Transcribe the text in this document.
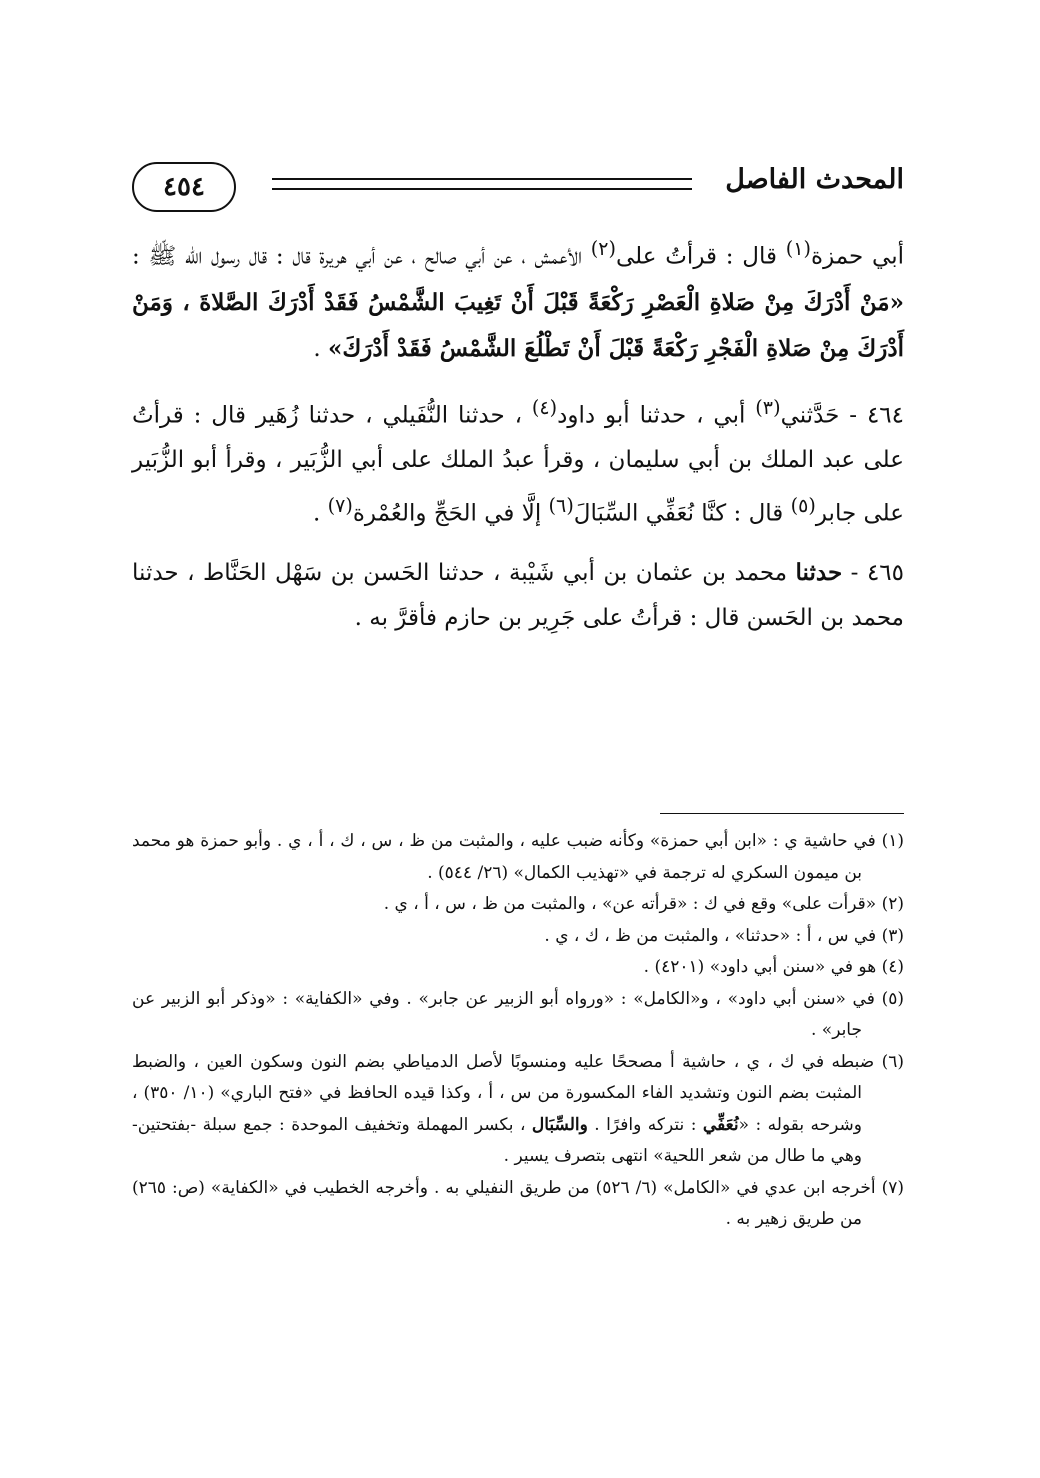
٤٥٤	المحدث الفاصل

أبي حمزة$^{(١)}$ قال : قرأتُ على$^{(٢)}$ الأعمش ، عن أبي صالح ، عن أبي هريرة قال : قال رسول الله ﷺ : «مَنْ أَدْرَكَ مِنْ صَلاةِ الْعَصْرِ رَكْعَةً قَبْلَ أَنْ تَغِيبَ الشَّمْسُ فَقَدْ أَدْرَكَ الصَّلاةَ ، وَمَنْ أَدْرَكَ مِنْ صَلاةِ الْفَجْرِ رَكْعَةً قَبْلَ أَنْ تَطْلُعَ الشَّمْسُ فَقَدْ أَدْرَكَ» .

٤٦٤ - حَدَّثني$^{(٣)}$ أبي ، حدثنا أبو داود$^{(٤)}$ ، حدثنا النُّفَيلي ، حدثنا زُهَير قال : قرأتُ على عبد الملك بن أبي سليمان ، وقرأ عبدُ الملك على أبي الزُّبَير ، وقرأ أبو الزُّبَير على جابر$^{(٥)}$ قال : كنَّا نُعَفِّي السِّبَالَ$^{(٦)}$ إلَّا في الحَجِّ والعُمْرة$^{(٧)}$ .

٤٦٥ - حدثنا محمد بن عثمان بن أبي شَيْبة ، حدثنا الحَسن بن سَهْل الحَنَّاط ، حدثنا محمد بن الحَسن قال : قرأتُ على جَرِير بن حازم فأقرَّ به .

(١) في حاشية ي : «ابن أبي حمزة» وكأنه ضبب عليه ، والمثبت من ظ ، س ، ك ، أ ، ي . وأبو حمزة هو محمد بن ميمون السكري له ترجمة في «تهذيب الكمال» (٢٦/ ٥٤٤) .

(٢) «قرأت على» وقع في ك : «قرأته عن» ، والمثبت من ظ ، س ، أ ، ي .

(٣) في س ، أ : «حدثنا» ، والمثبت من ظ ، ك ، ي .

(٤) هو في «سنن أبي داود» (٤٢٠١) .

(٥) في «سنن أبي داود» ، و«الكامل» : «ورواه أبو الزبير عن جابر» . وفي «الكفاية» : «وذكر أبو الزبير عن جابر» .

(٦) ضبطه في ك ، ي ، حاشية أ مصححًا عليه ومنسوبًا لأصل الدمياطي بضم النون وسكون العين ، والضبط المثبت بضم النون وتشديد الفاء المكسورة من س ، أ ، وكذا قيده الحافظ في «فتح الباري» (١٠/ ٣٥٠) ، وشرحه بقوله : «نُعَفِّي : نتركه وافرًا . والسِّبَال ، بكسر المهملة وتخفيف الموحدة : جمع سبلة -بفتحتين- وهي ما طال من شعر اللحية» انتهى بتصرف يسير .

(٧) أخرجه ابن عدي في «الكامل» (٦/ ٥٢٦) من طريق النفيلي به . وأخرجه الخطيب في «الكفاية» (ص: ٢٦٥) من طريق زهير به .
